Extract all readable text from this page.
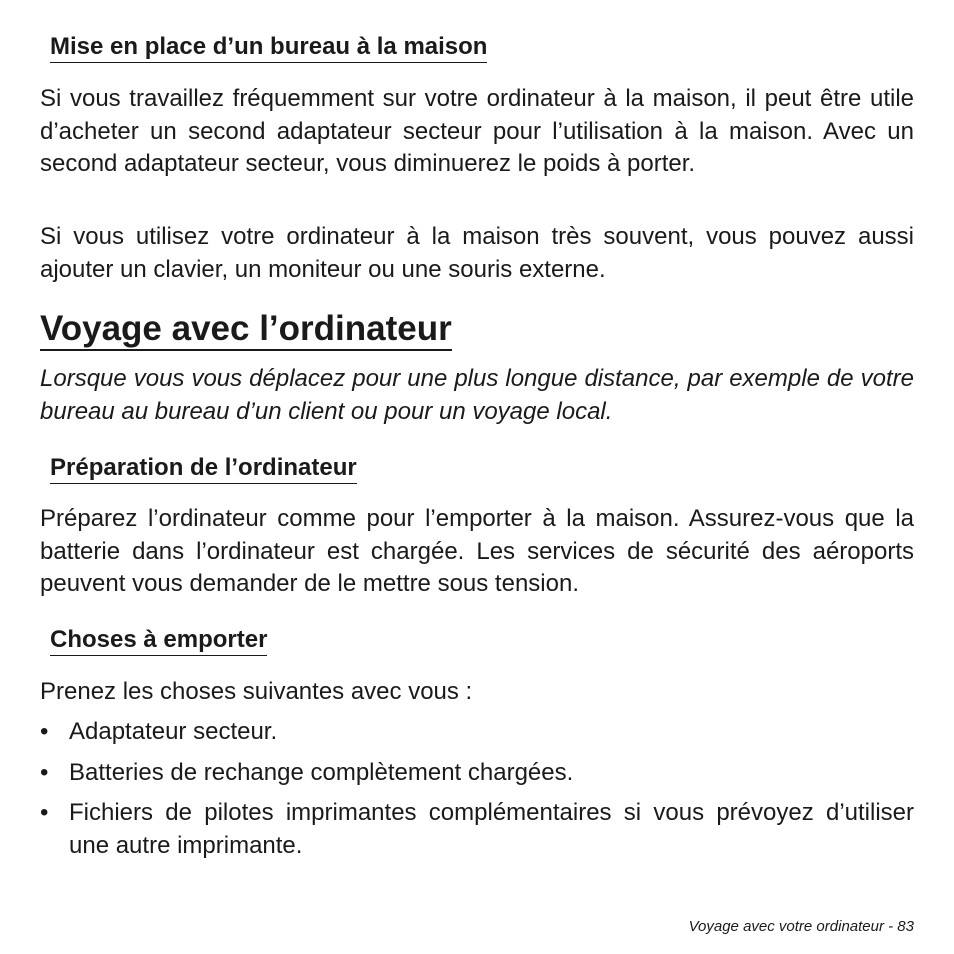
Mise en place d’un bureau à la maison

Si vous travaillez fréquemment sur votre ordinateur à la maison, il peut être utile d’acheter un second adaptateur secteur pour l’utilisation à la maison. Avec un second adaptateur secteur, vous diminuerez le poids à porter.

Si vous utilisez votre ordinateur à la maison très souvent, vous pouvez aussi ajouter un clavier, un moniteur ou une souris externe.

Voyage avec l’ordinateur

Lorsque vous vous déplacez pour une plus longue distance, par exemple de votre bureau au bureau d’un client ou pour un voyage local.

Préparation de l’ordinateur

Préparez l’ordinateur comme pour l’emporter à la maison. Assurez-vous que la batterie dans l’ordinateur est chargée. Les services de sécurité des aéroports peuvent vous demander de le mettre sous tension.

Choses à emporter

Prenez les choses suivantes avec vous :

• Adaptateur secteur.
• Batteries de rechange complètement chargées.
• Fichiers de pilotes imprimantes complémentaires si vous prévoyez d’utiliser une autre imprimante.
Voyage avec votre ordinateur - 83
